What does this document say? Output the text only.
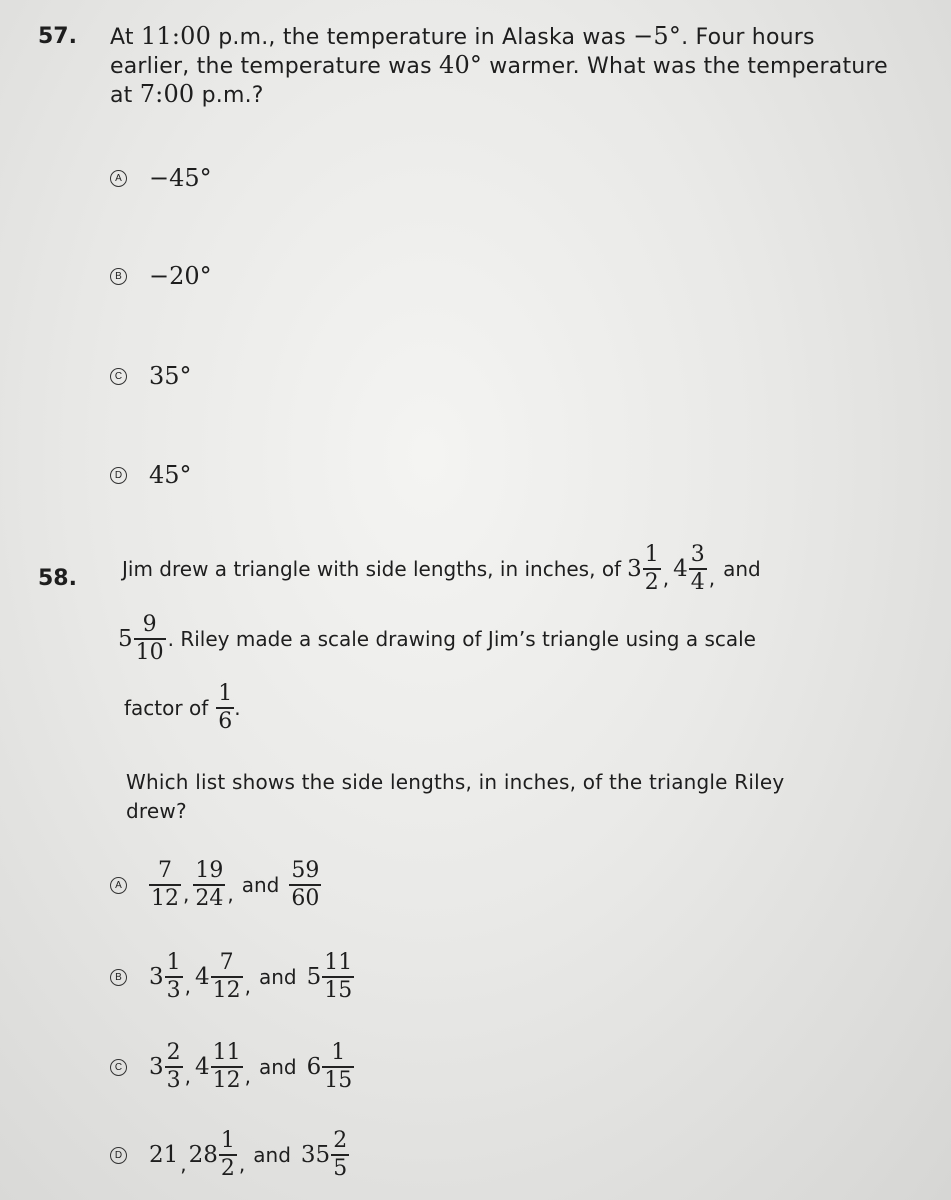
57. At 11:00 p.m., the temperature in Alaska was −5°. Four hours
earlier, the temperature was 40° warmer. What was the temperature
at 7:00 p.m.?
A −45°
B −20°
C 35°
D 45°
58. Jim drew a triangle with side lengths, in inches, of $3 \frac{1}{2}$ , $4 \frac{3}{4}$ , and
$5 \frac{9}{10}$ . Riley made a scale drawing of Jim’s triangle using a scale
factor of $\frac{1}{6}$ .
Which list shows the side lengths, in inches, of the triangle Riley
drew?
A $\frac{7}{12}$ , $\frac{19}{24}$ , and $\frac{59}{60}$
B $3 \frac{1}{3}$ , $4 \frac{7}{12}$ , and $5 \frac{11}{15}$
C $3 \frac{2}{3}$ , $4 \frac{11}{12}$ , and $6 \frac{1}{15}$
D 21 , $28 \frac{1}{2}$ , and $35 \frac{2}{5}$
